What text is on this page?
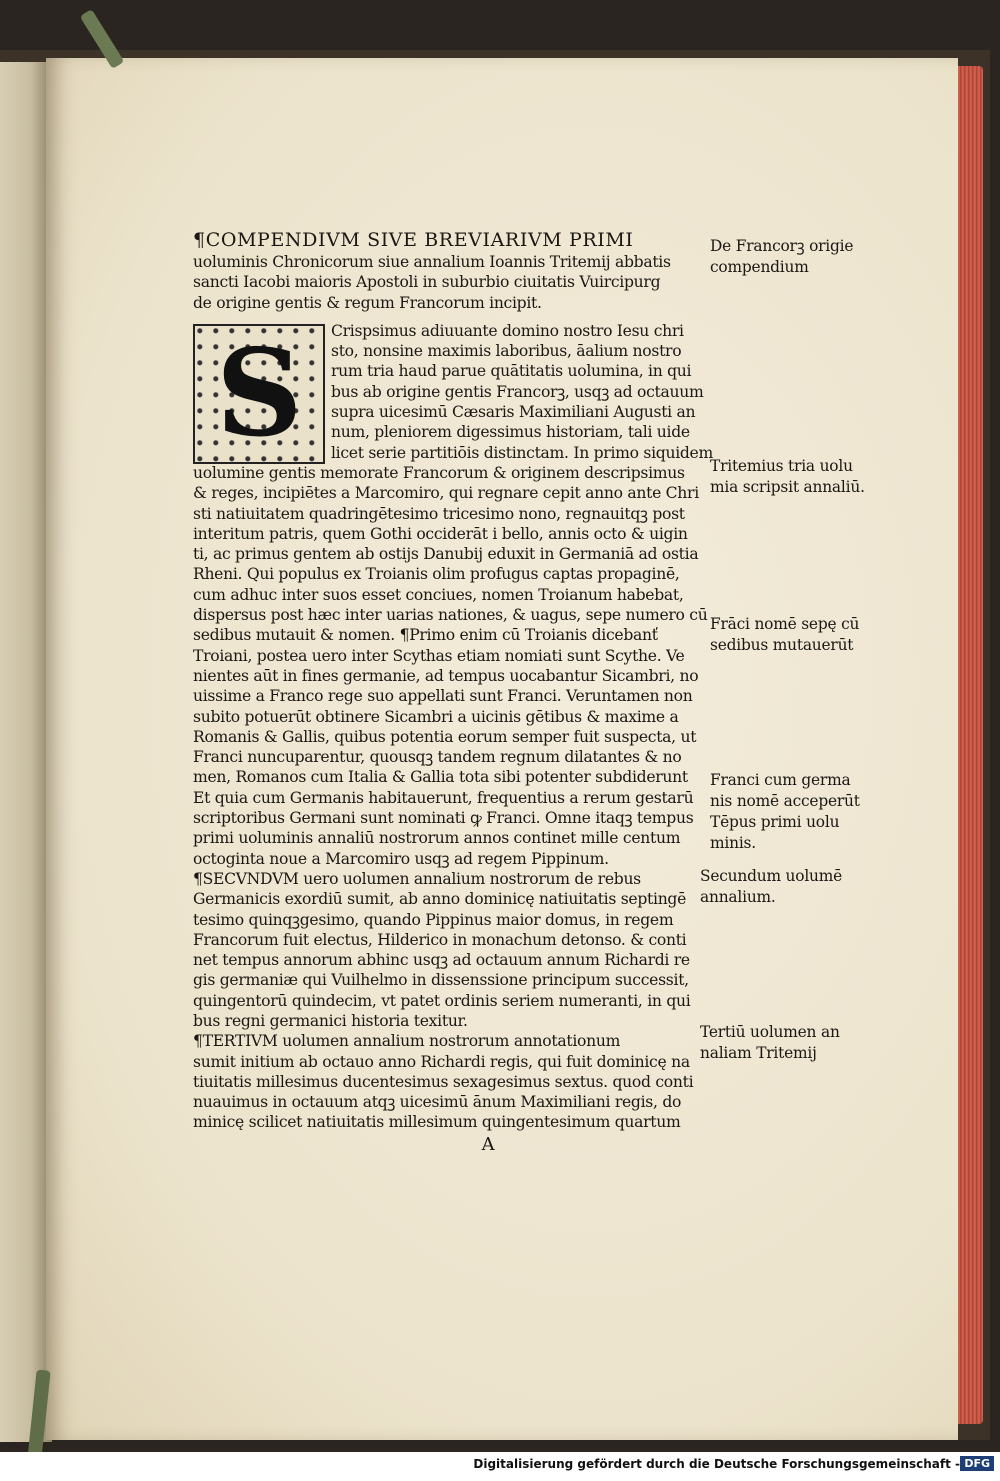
¶COMPENDIVM SIVE BREVIARIVM PRIMI
uoluminis Chronicorum siue annalium Ioannis Tritemij abbatis
sancti Iacobi maioris Apostoli in suburbio ciuitatis Vuircipurg
de origine gentis & regum Francorum incipit.
S	Crispsimus adiuuante domino nostro Iesu chri
sto, nonsine maximis laboribus, āalium nostro
rum tria haud parue quātitatis uolumina, in qui
bus ab origine gentis Francorꝫ, usqꝫ ad octauum
supra uicesimū Cæsaris Maximiliani Augusti an
num, pleniorem digessimus historiam, tali uide
licet serie partitiōis distinctam. In primo siquidem
uolumine gentis memorate Francorum & originem descripsimus
& reges, incipiētes a Marcomiro, qui regnare cepit anno ante Chri
sti natiuitatem quadringētesimo tricesimo nono, regnauitqꝫ post
interitum patris, quem Gothi occiderāt i bello, annis octo & uigin
ti, ac primus gentem ab ostijs Danubij eduxit in Germaniā ad ostia
Rheni. Qui populus ex Troianis olim profugus captas propaginē,
cum adhuc inter suos esset conciues, nomen Troianum habebat,
dispersus post hæc inter uarias nationes, & uagus, sepe numero cū
sedibus mutauit & nomen. ¶Primo enim cū Troianis dicebanť
Troiani, postea uero inter Scythas etiam nomiati sunt Scythe. Ve
nientes aūt in fines germanie, ad tempus uocabantur Sicambri, no
uissime a Franco rege suo appellati sunt Franci. Veruntamen non
subito potuerūt obtinere Sicambri a uicinis gētibus & maxime a
Romanis & Gallis, quibus potentia eorum semper fuit suspecta, ut
Franci nuncuparentur, quousqꝫ tandem regnum dilatantes & no
men, Romanos cum Italia & Gallia tota sibi potenter subdiderunt
Et quia cum Germanis habitauerunt, frequentius a rerum gestarū
scriptoribus Germani sunt nominati ꝙ Franci. Omne itaqꝫ tempus
primi uoluminis annaliū nostrorum annos continet mille centum
octoginta noue a Marcomiro usqꝫ ad regem Pippinum.
¶SECVNDVM uero uolumen annalium nostrorum de rebus
Germanicis exordiū sumit, ab anno dominicę natiuitatis septingē
tesimo quinqꝫgesimo, quando Pippinus maior domus, in regem
Francorum fuit electus, Hilderico in monachum detonso. & conti
net tempus annorum abhinc usqꝫ ad octauum annum Richardi re
gis germaniæ qui Vuilhelmo in dissenssione principum successit,
quingentorū quindecim, vt patet ordinis seriem numeranti, in qui
bus regni germanici historia texitur.
¶TERTIVM uolumen annalium nostrorum annotationum
sumit initium ab octauo anno Richardi regis, qui fuit dominicę na
tiuitatis millesimus ducentesimus sexagesimus sextus. quod conti
nuauimus in octauum atqꝫ uicesimū ānum Maximiliani regis, do
minicę scilicet natiuitatis millesimum quingentesimum quartum
A
De Francorꝫ origie
compendium
Tritemius tria uolu
mia scripsit annaliū.
Frāci nomē sepę cū
sedibus mutauerūt
Franci cum germa
nis nomē acceperūt
Tēpus primi uolu
minis.
Secundum uolumē
annalium.
Tertiū uolumen an
naliam Tritemij
Digitalisierung gefördert durch die Deutsche Forschungsgemeinschaft - DFG
